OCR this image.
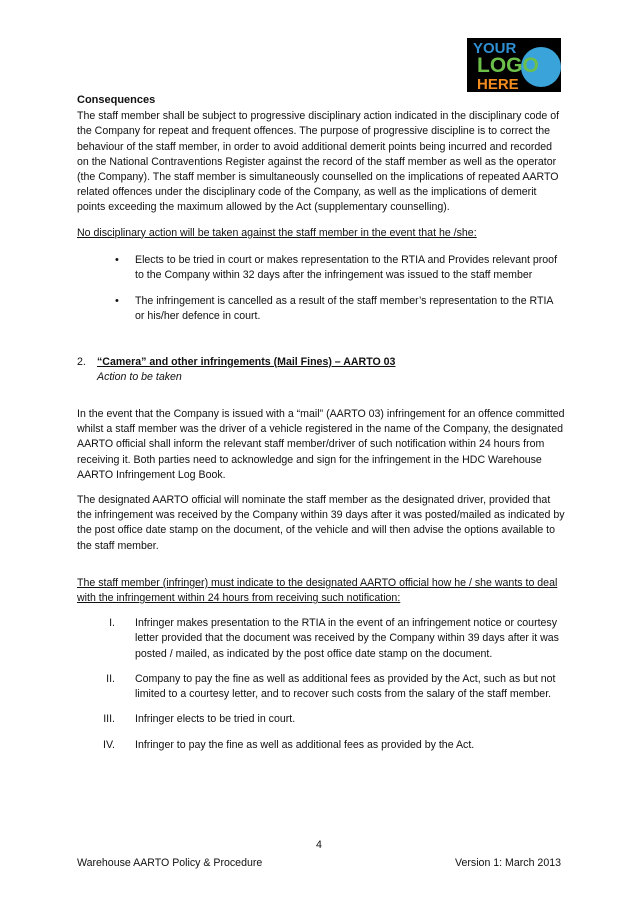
YOUR
LOGO
HERE

Consequences

The staff member shall be subject to progressive disciplinary action indicated in the disciplinary code of the Company for repeat and frequent offences. The purpose of progressive discipline is to correct the behaviour of the staff member, in order to avoid additional demerit points being incurred and recorded on the National Contraventions Register against the record of the staff member as well as the operator (the Company). The staff member is simultaneously counselled on the implications of repeated AARTO related offences under the disciplinary code of the Company, as well as the implications of demerit points exceeding the maximum allowed by the Act (supplementary counselling).

No disciplinary action will be taken against the staff member in the event that he /she:

• Elects to be tried in court or makes representation to the RTIA and Provides relevant proof to the Company within 32 days after the infringement was issued to the staff member
• The infringement is cancelled as a result of the staff member’s representation to the RTIA or his/her defence in court.
2.	“Camera” and other infringements (Mail Fines) – AARTO 03

Action to be taken

In the event that the Company is issued with a “mail” (AARTO 03) infringement for an offence committed whilst a staff member was the driver of a vehicle registered in the name of the Company, the designated AARTO official shall inform the relevant staff member/driver of such notification within 24 hours from receiving it. Both parties need to acknowledge and sign for the infringement in the HDC Warehouse AARTO Infringement Log Book.

The designated AARTO official will nominate the staff member as the designated driver, provided that the infringement was received by the Company within 39 days after it was posted/mailed as indicated by the post office date stamp on the document, of the vehicle and will then advise the options available to the staff member.

The staff member (infringer) must indicate to the designated AARTO official how he / she wants to deal with the infringement within 24 hours from receiving such notification:

I. Infringer makes presentation to the RTIA in the event of an infringement notice or courtesy letter provided that the document was received by the Company within 39 days after it was posted / mailed, as indicated by the post office date stamp on the document.
II. Company to pay the fine as well as additional fees as provided by the Act, such as but not limited to a courtesy letter, and to recover such costs from the salary of the staff member.
III. Infringer elects to be tried in court.
IV. Infringer to pay the fine as well as additional fees as provided by the Act.
4
Warehouse AARTO Policy & Procedure	Version 1: March 2013
